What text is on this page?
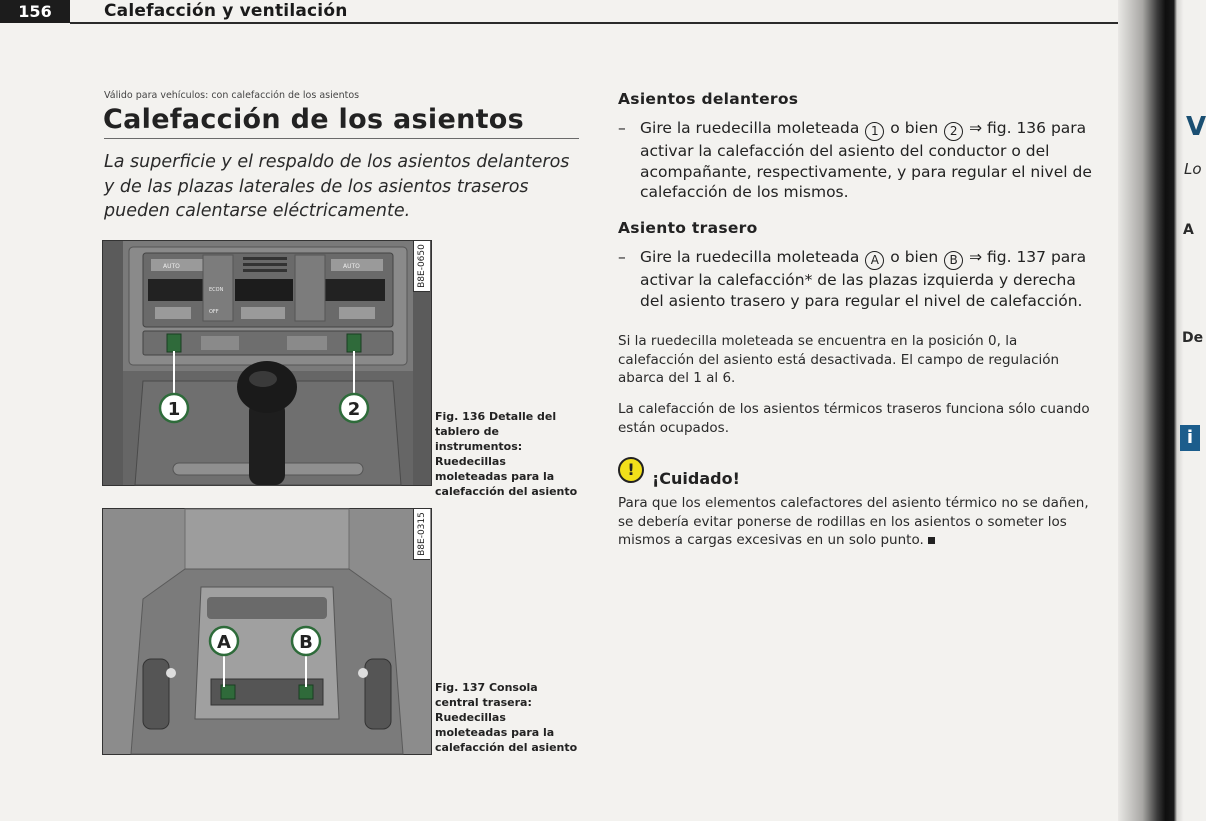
156	Calefacción y ventilación
Válido para vehículos: con calefacción de los asientos
Calefacción de los asientos
La superficie y el respaldo de los asientos delanteros y de las plazas laterales de los asientos traseros pueden calentarse eléctricamente.
AUTO
ECON
OFF
AUTO
1	2
B8E-0650
Fig. 136 Detalle del tablero de instrumentos: Ruedecillas moleteadas para la calefacción del asiento
A	B
B8E-0315
Fig. 137 Consola central trasera: Ruedecillas moleteadas para la calefacción del asiento
Asientos delanteros
– Gire la ruedecilla moleteada 1 o bien 2 ⇒ fig. 136 para activar la calefacción del asiento del conductor o del acompañante, respectivamente, y para regular el nivel de calefacción de los mismos.
Asiento trasero
– Gire la ruedecilla moleteada A o bien B ⇒ fig. 137 para activar la calefacción* de las plazas izquierda y derecha del asiento trasero y para regular el nivel de calefacción.
Si la ruedecilla moleteada se encuentra en la posición 0, la calefacción del asiento está desactivada. El campo de regulación abarca del 1 al 6.
La calefacción de los asientos térmicos traseros funciona sólo cuando están ocupados.
!	¡Cuidado!
Para que los elementos calefactores del asiento térmico no se dañen, se debería evitar ponerse de rodillas en los asientos o someter los mismos a cargas excesivas en un solo punto.
V
Lo
A
De
i
